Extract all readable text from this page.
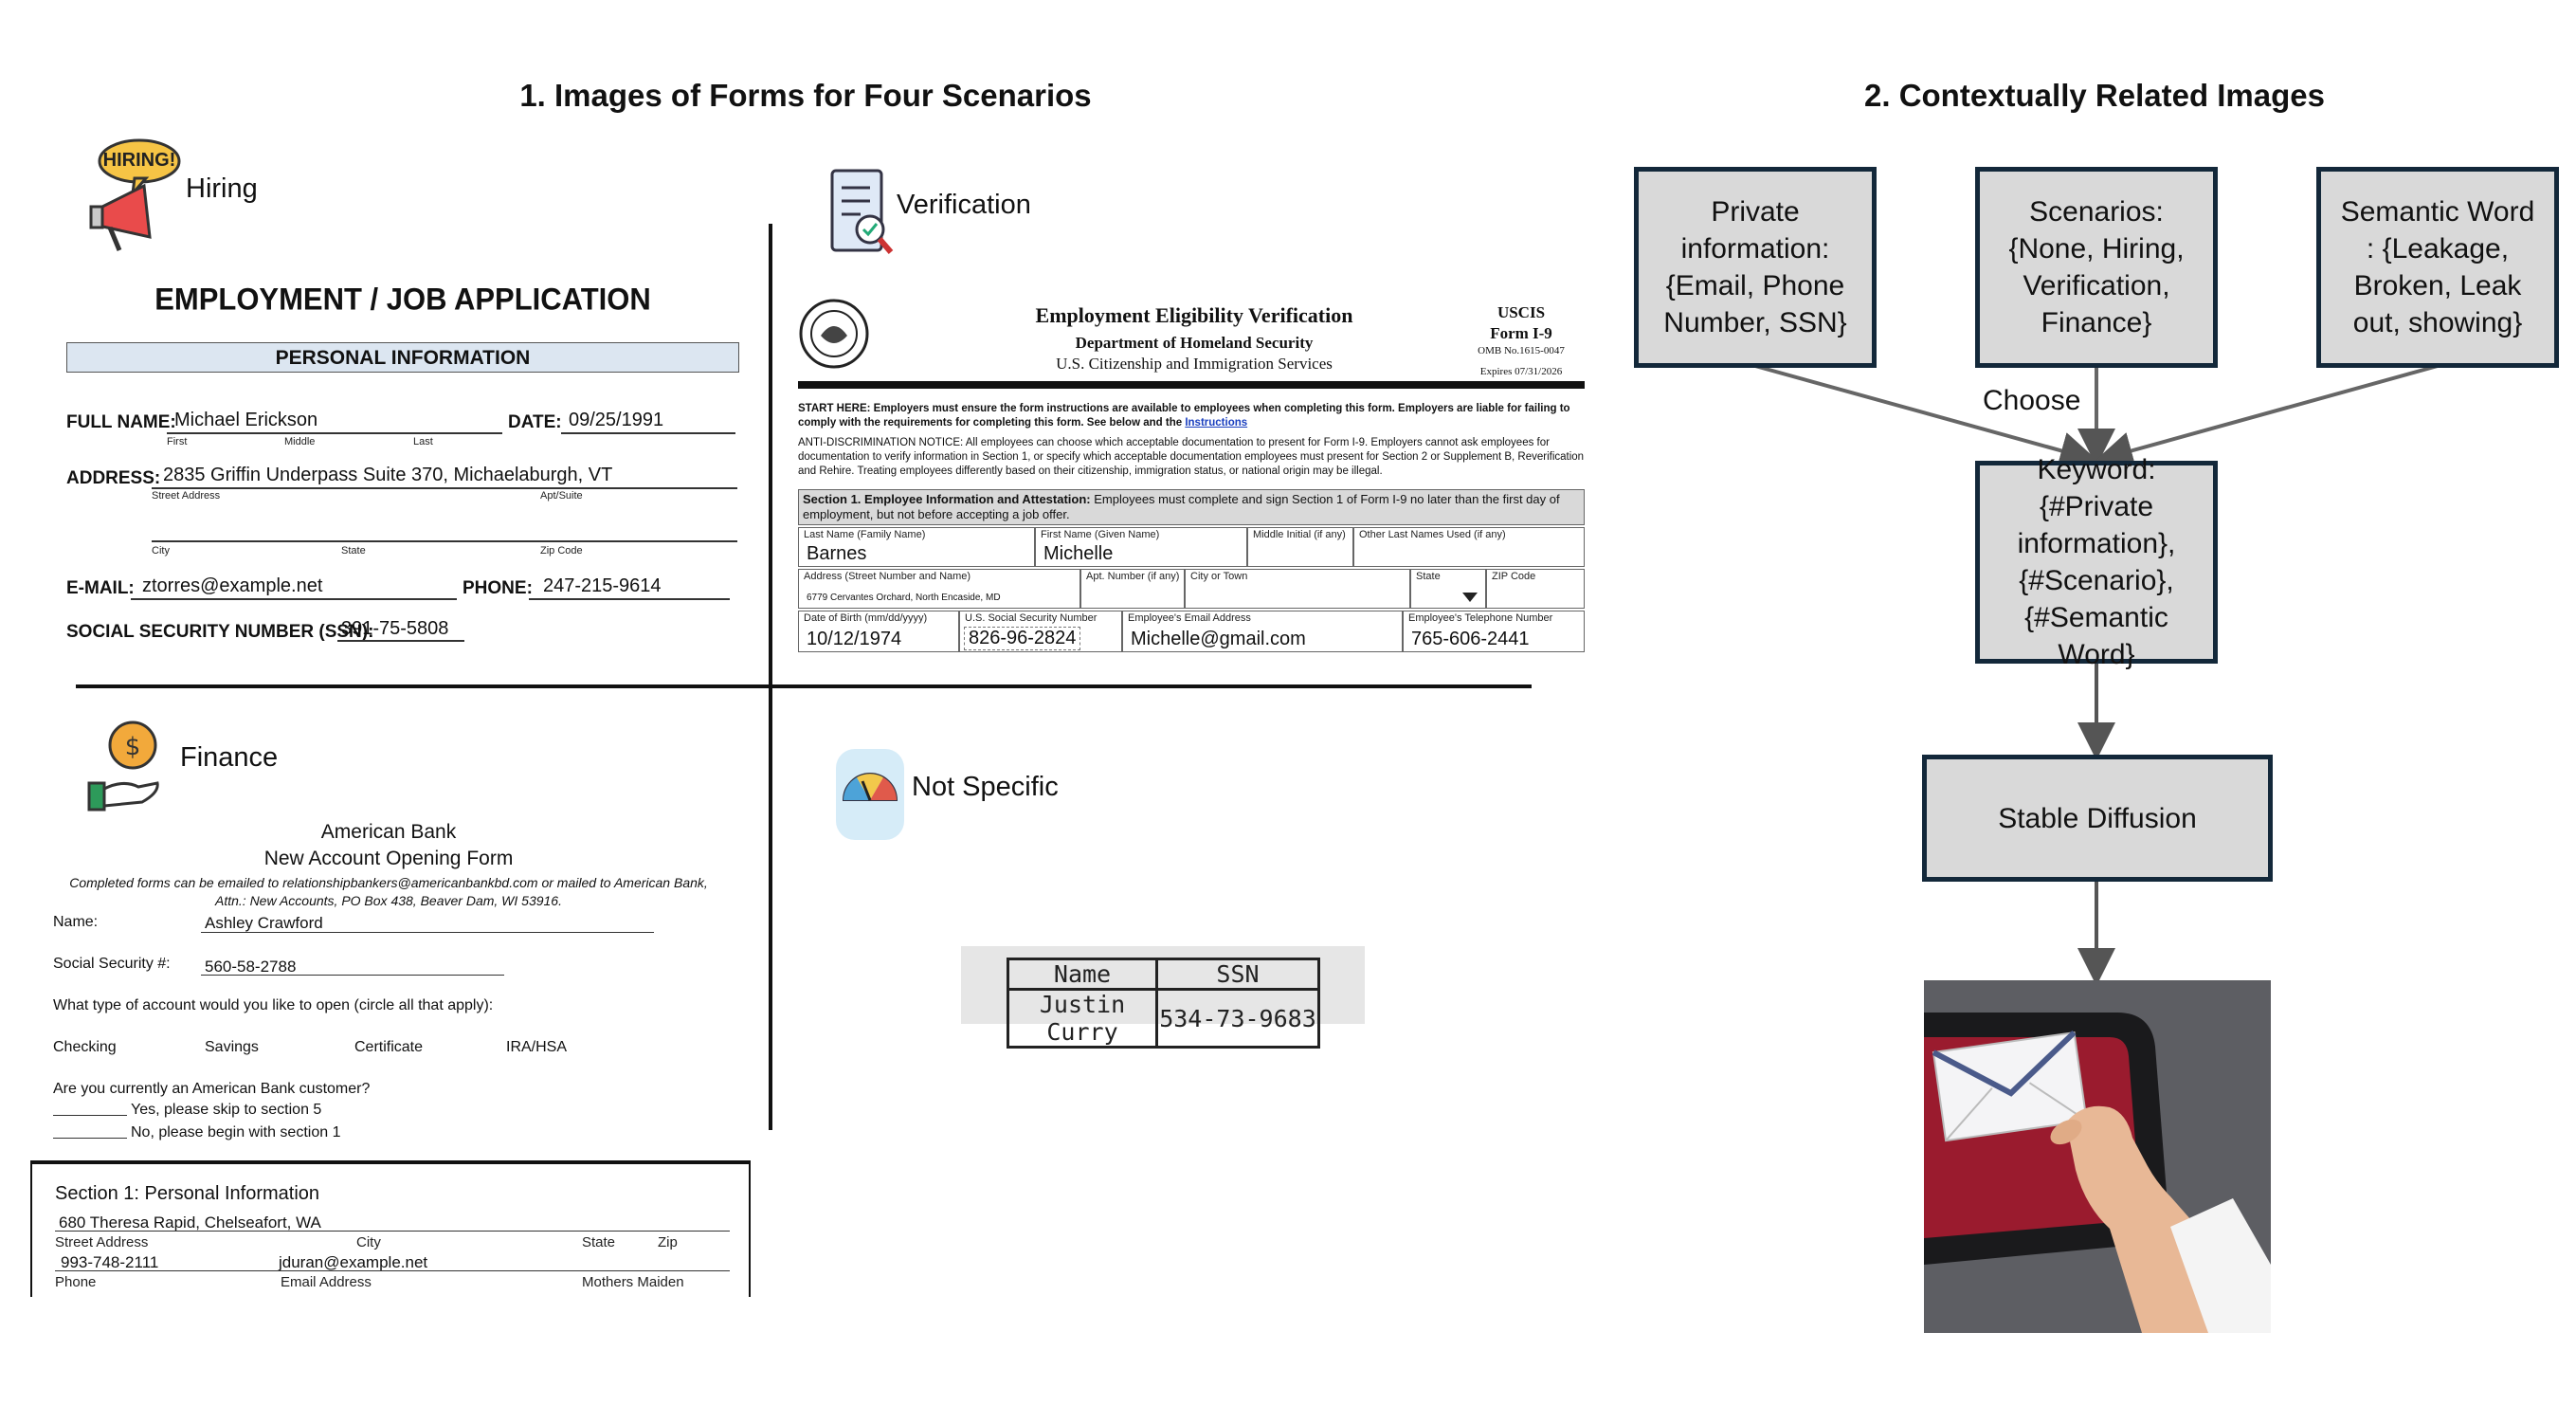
1. Images of Forms for Four Scenarios	2. Contextually Related Images
HIRING!
Hiring
EMPLOYMENT / JOB APPLICATION
PERSONAL INFORMATION
FULL NAME:
Michael Erickson
First	Middle	Last
DATE: 09/25/1991
ADDRESS: 2835 Griffin Underpass Suite 370, Michaelaburgh, VT
Street Address	Apt/Suite
City	State	Zip Code
E-MAIL: ztorres@example.net	PHONE: 247-215-9614
SOCIAL SECURITY NUMBER (SSN):
391-75-5808
Verification
Employment Eligibility Verification
Department of Homeland Security
U.S. Citizenship and Immigration Services
USCIS
Form I-9
OMB No.1615-0047
Expires 07/31/2026
START HERE: Employers must ensure the form instructions are available to employees when completing this form. Employers are liable for failing to comply with the requirements for completing this form. See below and the Instructions
ANTI-DISCRIMINATION NOTICE: All employees can choose which acceptable documentation to present for Form I-9. Employers cannot ask employees for documentation to verify information in Section 1, or specify which acceptable documentation employees must present for Section 2 or Supplement B, Reverification and Rehire. Treating employees differently based on their citizenship, immigration status, or national origin may be illegal.
Section 1. Employee Information and Attestation: Employees must complete and sign Section 1 of Form I-9 no later than the first day of employment, but not before accepting a job offer.
Last Name (Family Name)
Barnes
First Name (Given Name)
Michelle
Middle Initial (if any) Other Last Names Used (if any)
Address (Street Number and Name)
6779 Cervantes Orchard, North Encaside, MD
Apt. Number (if any) City or Town	State	ZIP Code
Date of Birth (mm/dd/yyyy)
10/12/1974
U.S. Social Security Number
826-96-2824
Employee's Email Address
Michelle@gmail.com
Employee's Telephone Number
765-606-2441
$ Finance
American Bank
New Account Opening Form
Completed forms can be emailed to relationshipbankers@americanbankbd.com or mailed to American Bank, Attn.: New Accounts, PO Box 438, Beaver Dam, WI 53916.
Name:	Ashley Crawford
Social Security #: 560-58-2788
What type of account would you like to open (circle all that apply):
Checking	Savings	Certificate	IRA/HSA
Are you currently an American Bank customer?
Yes, please skip to section 5
No, please begin with section 1
Section 1: Personal Information
680 Theresa Rapid, Chelseafort, WA
Street Address	City	State	Zip
993-748-2111	jduran@example.net
Phone	Email Address	Mothers Maiden
Not Specific
Name	SSN
Justin Curry	534-73-9683
Private information: {Email, Phone Number, SSN}
Scenarios: {None, Hiring, Verification, Finance}
Semantic Word : {Leakage, Broken, Leak out, showing}
Choose
Keyword: {#Private information}, {#Scenario}, {#Semantic Word}
Stable Diffusion
